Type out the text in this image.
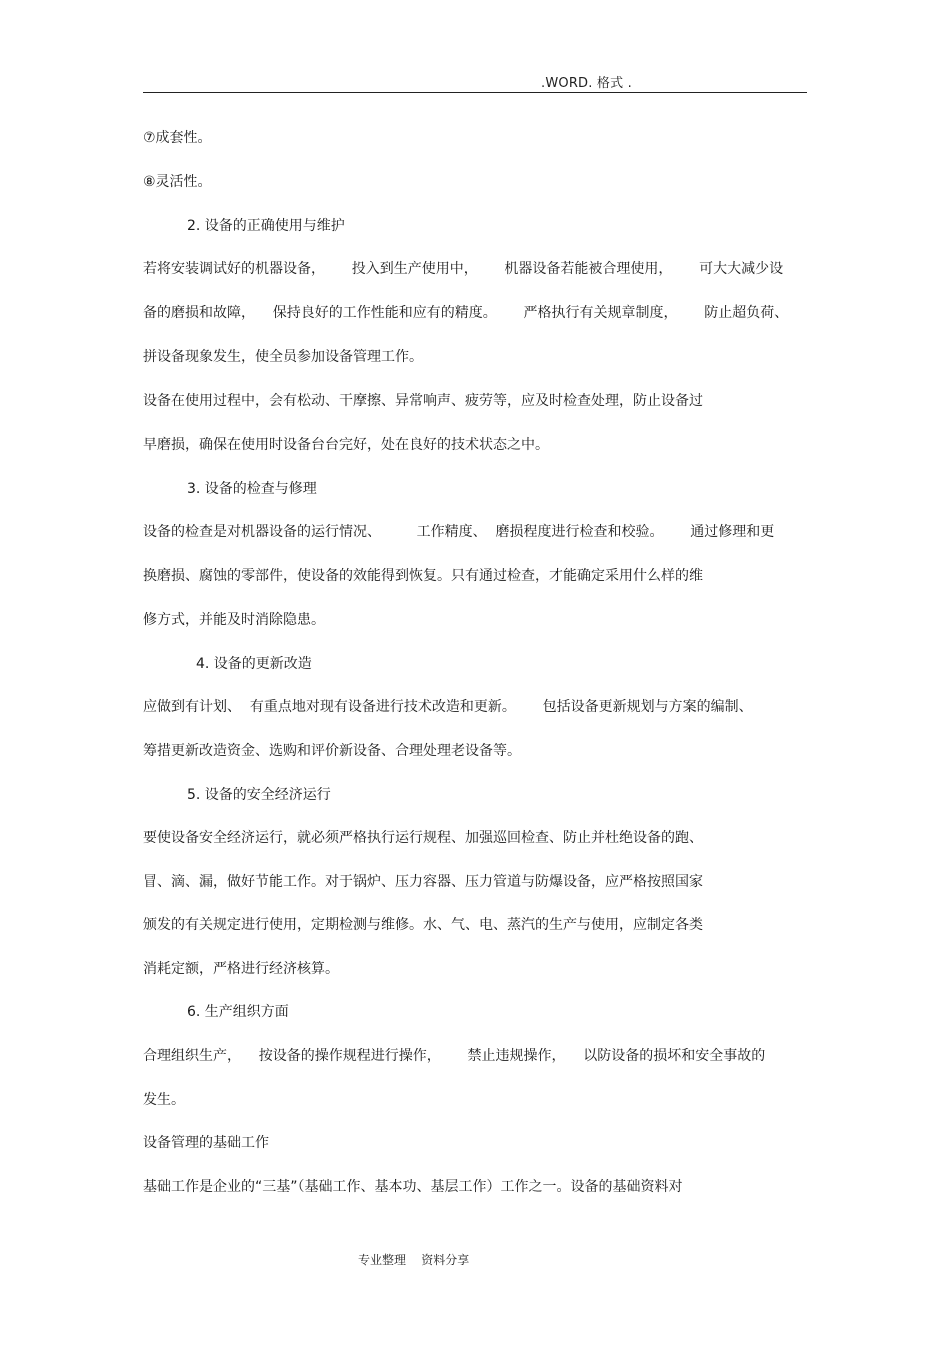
.WORD. 格式 .
⑦成套性。
⑧灵活性。
2. 设备的正确使用与维护
若将安装调试好的机器设备，      投入到生产使用中，      机器设备若能被合理使用，      可大大减少设
备的磨损和故障，    保持良好的工作性能和应有的精度。      严格执行有关规章制度，      防止超负荷、
拼设备现象发生，使全员参加设备管理工作。
设备在使用过程中，会有松动、干摩擦、异常响声、疲劳等，应及时检查处理，防止设备过
早磨损，确保在使用时设备台台完好，处在良好的技术状态之中。
3. 设备的检查与修理
设备的检查是对机器设备的运行情况、        工作精度、  磨损程度进行检查和校验。      通过修理和更
换磨损、腐蚀的零部件，使设备的效能得到恢复。只有通过检查，才能确定采用什么样的维
修方式，并能及时消除隐患。
4. 设备的更新改造
应做到有计划、  有重点地对现有设备进行技术改造和更新。      包括设备更新规划与方案的编制、
筹措更新改造资金、选购和评价新设备、合理处理老设备等。
5. 设备的安全经济运行
要使设备安全经济运行，就必须严格执行运行规程、加强巡回检查、防止并杜绝设备的跑、
冒、滴、漏，做好节能工作。对于锅炉、压力容器、压力管道与防爆设备，应严格按照国家
颁发的有关规定进行使用，定期检测与维修。水、气、电、蒸汽的生产与使用，应制定各类
消耗定额，严格进行经济核算。
6. 生产组织方面
合理组织生产，    按设备的操作规程进行操作，      禁止违规操作，    以防设备的损坏和安全事故的
发生。
设备管理的基础工作
基础工作是企业的“三基”（基础工作、基本功、基层工作）工作之一。设备的基础资料对
专业整理    资料分享
